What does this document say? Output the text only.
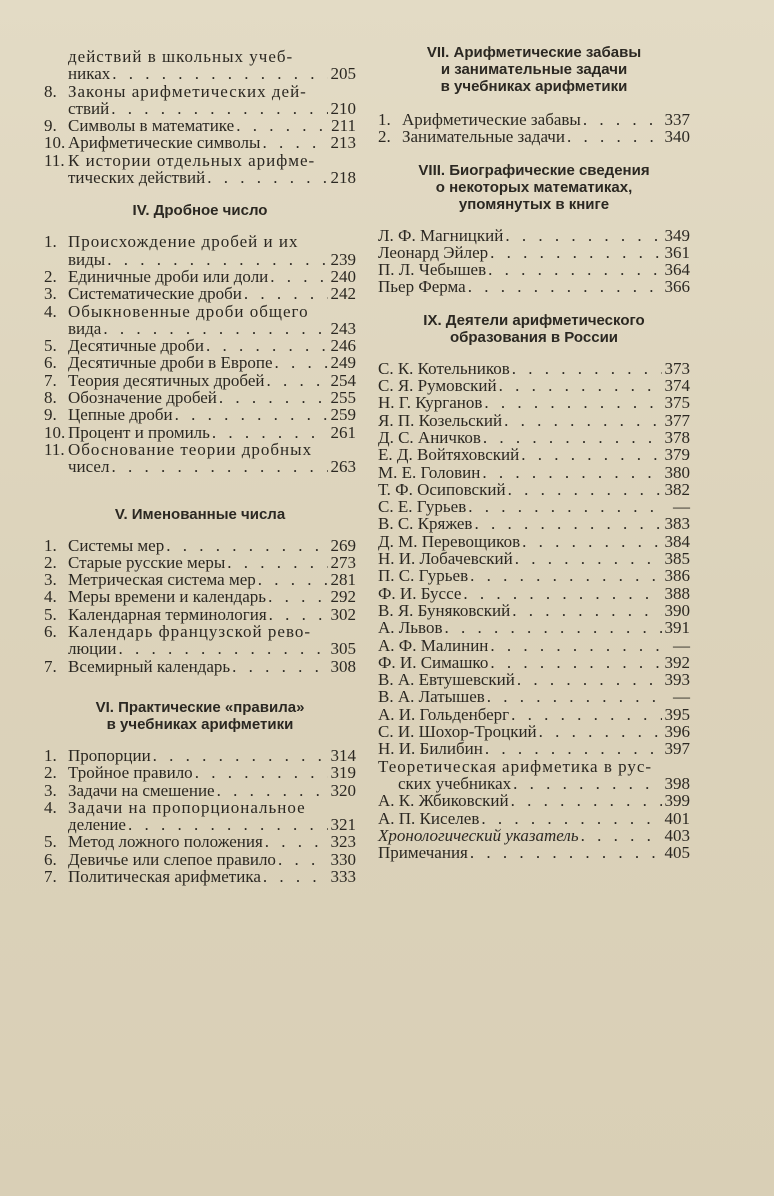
действий в школьных учеб-
никах . . .	205
8. Законы арифметических дей-
ствий . . .	210
9. Символы в математике . . .	211
10. Арифметические символы . . .	213
11. К истории отдельных арифме-
тических действий . . .	218
IV. Дробное число
1. Происхождение дробей и их
виды . . .	239
2. Единичные дроби или доли . . .	240
3. Систематические дроби . . .	242
4. Обыкновенные дроби общего
вида . . .	243
5. Десятичные дроби . . .	246
6. Десятичные дроби в Европе . . .	249
7. Теория десятичных дробей . . .	254
8. Обозначение дробей . . .	255
9. Цепные дроби . . .	259
10. Процент и промиль . . .	261
11. Обоснование теории дробных
чисел . . .	263
V. Именованные числа
1. Системы мер . . .	269
2. Старые русские меры . . .	273
3. Метрическая система мер . . .	281
4. Меры времени и календарь . . .	292
5. Календарная терминология . . .	302
6. Календарь французской рево-
люции . . .	305
7. Всемирный календарь . . .	308
VI. Практические «правила»
в учебниках арифметики
1. Пропорции . . .	314
2. Тройное правило . . .	319
3. Задачи на смешение . . .	320
4. Задачи на пропорциональное
деление . . .	321
5. Метод ложного положения . . .	323
6. Девичье или слепое правило . . .	330
7. Политическая арифметика . . .	333
VII. Арифметические забавы
и занимательные задачи
в учебниках арифметики
1. Арифметические забавы . . .	337
2. Занимательные задачи . . .	340
VIII. Биографические сведения
о некоторых математиках,
упомянутых в книге
Л. Ф. Магницкий . . .	349
Леонард Эйлер . . .	361
П. Л. Чебышев . . .	364
Пьер Ферма . . .	366
IX. Деятели арифметического
образования в России
С. К. Котельников . . .	373
С. Я. Румовский . . .	374
Н. Г. Курганов . . .	375
Я. П. Козельский . . .	377
Д. С. Аничков . . .	378
Е. Д. Войтяховский . . .	379
М. Е. Головин . . .	380
Т. Ф. Осиповский . . .	382
С. Е. Гурьев . . .	—
В. С. Кряжев . . .	383
Д. М. Перевощиков . . .	384
Н. И. Лобачевский . . .	385
П. С. Гурьев . . .	386
Ф. И. Буссе . . .	388
В. Я. Буняковский . . .	390
А. Львов . . .	391
А. Ф. Малинин . . .	—
Ф. И. Симашко . . .	392
В. А. Евтушевский . . .	393
В. А. Латышев . . .	—
А. И. Гольденберг . . .	395
С. И. Шохор-Троцкий . . .	396
Н. И. Билибин . . .	397
Теоретическая арифметика в рус-
ских учебниках . . .	398
А. К. Жбиковский . . .	399
А. П. Киселев . . .	401
Хронологический указатель . . .	403
Примечания . . .	405
